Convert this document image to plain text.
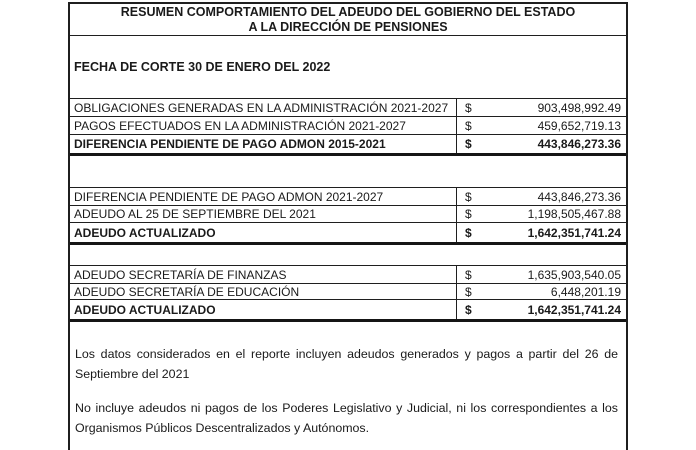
RESUMEN COMPORTAMIENTO DEL ADEUDO DEL GOBIERNO DEL ESTADO
A LA DIRECCIÓN DE PENSIONES
FECHA DE CORTE 30 DE ENERO DEL 2022
OBLIGACIONES GENERADAS EN LA ADMINISTRACIÓN 2021-2027	$	903,498,992.49
PAGOS EFECTUADOS EN LA ADMINISTRACIÓN 2021-2027	$	459,652,719.13
DIFERENCIA PENDIENTE DE PAGO ADMON 2015-2021	$	443,846,273.36
DIFERENCIA PENDIENTE DE PAGO ADMON 2021-2027	$	443,846,273.36
ADEUDO AL 25 DE SEPTIEMBRE DEL 2021	$	1,198,505,467.88
ADEUDO ACTUALIZADO	$	1,642,351,741.24
ADEUDO SECRETARÍA DE FINANZAS	$	1,635,903,540.05
ADEUDO SECRETARÍA DE EDUCACIÓN	$	6,448,201.19
ADEUDO ACTUALIZADO	$	1,642,351,741.24

Los datos considerados en el reporte incluyen adeudos generados y pagos a partir del 26 de Septiembre del 2021

No incluye adeudos ni pagos de los Poderes Legislativo y Judicial, ni los correspondientes a los Organismos Públicos Descentralizados y Autónomos.
